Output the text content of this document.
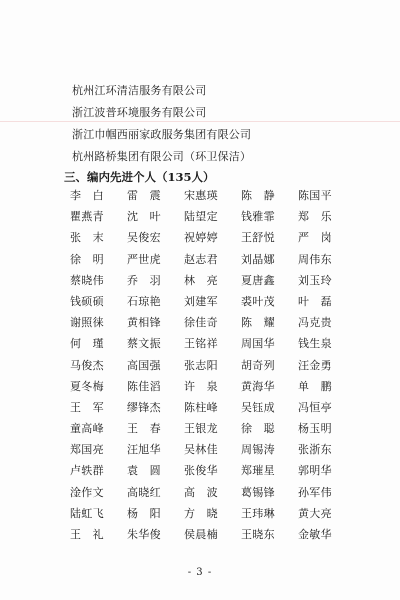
杭州江环清洁服务有限公司
浙江波普环境服务有限公司
浙江巾帼西丽家政服务集团有限公司
杭州路桥集团有限公司（环卫保洁）
三、编内先进个人（135人）
李　白	雷　震	宋惠瑛	陈　静	陈国平
瞿燕青	沈　叶	陆望定	钱雅霏	郑　乐
张　末	吴俊宏	祝婷婷	王舒悦	严　岗
徐　明	严世虎	赵志君	刘晶娜	周伟东
蔡晓伟	乔　羽	林　亮	夏唐鑫	刘玉玲
钱硕硕	石琼艳	刘建军	裘叶茂	叶　磊
谢照徕	黄相锋	徐佳奇	陈　耀	冯克贵
何　瑾	蔡文振	王铭祥	周国华	钱生泉
马俊杰	高国强	张志阳	胡奇列	汪金勇
夏冬梅	陈佳滔	许　泉	黄海华	单　鹏
王　军	缪锋杰	陈柱峰	吴钰成	冯恒亭
童高峰	王　春	王银龙	徐　聪	杨玉明
郑国亮	汪旭华	吴林佳	周锡涛	张浙东
卢轶群	袁　圆	张俊华	郑璀星	郭明华
淦作文	高晓红	高　波	葛锡锋	孙军伟
陆虹飞	杨　阳	方　晓	王玮琳	黄大亮
王　礼	朱华俊	侯晨楠	王晓东	金敏华
- 3 -
